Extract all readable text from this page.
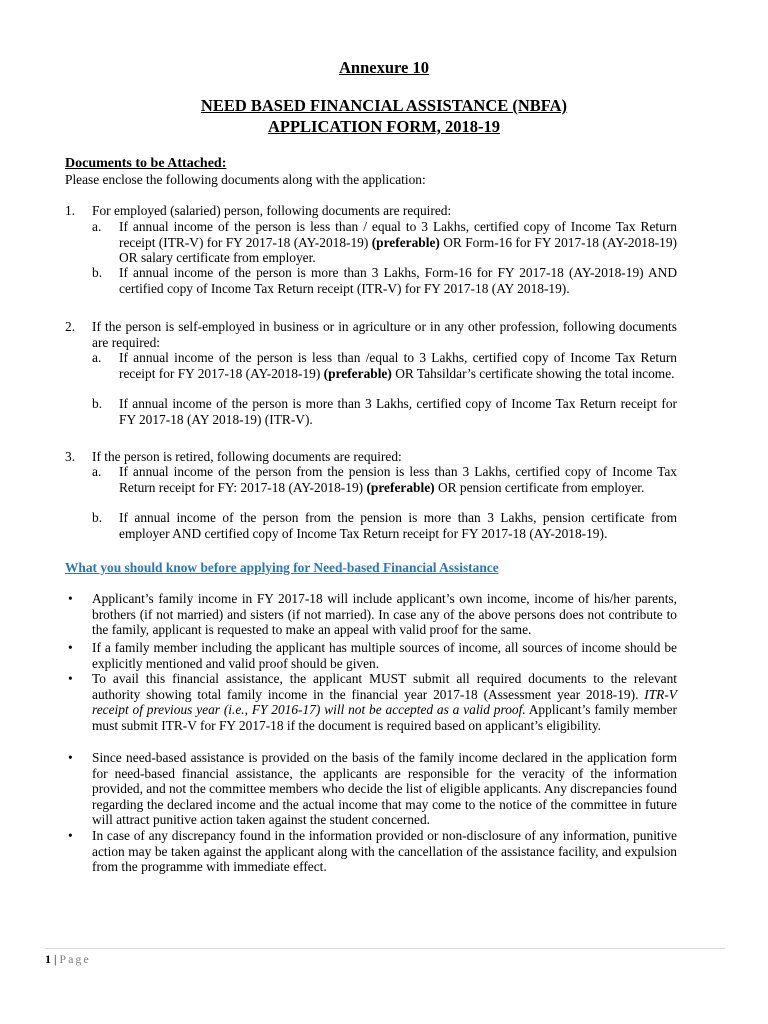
Annexure 10
NEED BASED FINANCIAL ASSISTANCE (NBFA)
APPLICATION FORM, 2018-19
Documents to be Attached:
Please enclose the following documents along with the application:
1. For employed (salaried) person, following documents are required:
a. If annual income of the person is less than / equal to 3 Lakhs, certified copy of Income Tax Return receipt (ITR-V) for FY 2017-18 (AY-2018-19) (preferable) OR Form-16 for FY 2017-18 (AY-2018-19) OR salary certificate from employer.
b. If annual income of the person is more than 3 Lakhs, Form-16 for FY 2017-18 (AY-2018-19) AND certified copy of Income Tax Return receipt (ITR-V) for FY 2017-18 (AY 2018-19).
2. If the person is self-employed in business or in agriculture or in any other profession, following documents are required:
a. If annual income of the person is less than /equal to 3 Lakhs, certified copy of Income Tax Return receipt for FY 2017-18 (AY-2018-19) (preferable) OR Tahsildar’s certificate showing the total income.
b. If annual income of the person is more than 3 Lakhs, certified copy of Income Tax Return receipt for FY 2017-18 (AY 2018-19) (ITR-V).
3. If the person is retired, following documents are required:
a. If annual income of the person from the pension is less than 3 Lakhs, certified copy of Income Tax Return receipt for FY: 2017-18 (AY-2018-19) (preferable) OR pension certificate from employer.
b. If annual income of the person from the pension is more than 3 Lakhs, pension certificate from employer AND certified copy of Income Tax Return receipt for FY 2017-18 (AY-2018-19).
What you should know before applying for Need-based Financial Assistance
• Applicant’s family income in FY 2017-18 will include applicant’s own income, income of his/her parents, brothers (if not married) and sisters (if not married). In case any of the above persons does not contribute to the family, applicant is requested to make an appeal with valid proof for the same.
• If a family member including the applicant has multiple sources of income, all sources of income should be explicitly mentioned and valid proof should be given.
• To avail this financial assistance, the applicant MUST submit all required documents to the relevant authority showing total family income in the financial year 2017-18 (Assessment year 2018-19). ITR-V receipt of previous year (i.e., FY 2016-17) will not be accepted as a valid proof. Applicant’s family member must submit ITR-V for FY 2017-18 if the document is required based on applicant’s eligibility.
• Since need-based assistance is provided on the basis of the family income declared in the application form for need-based financial assistance, the applicants are responsible for the veracity of the information provided, and not the committee members who decide the list of eligible applicants. Any discrepancies found regarding the declared income and the actual income that may come to the notice of the committee in future will attract punitive action taken against the student concerned.
• In case of any discrepancy found in the information provided or non-disclosure of any information, punitive action may be taken against the applicant along with the cancellation of the assistance facility, and expulsion from the programme with immediate effect.
1 | Page
